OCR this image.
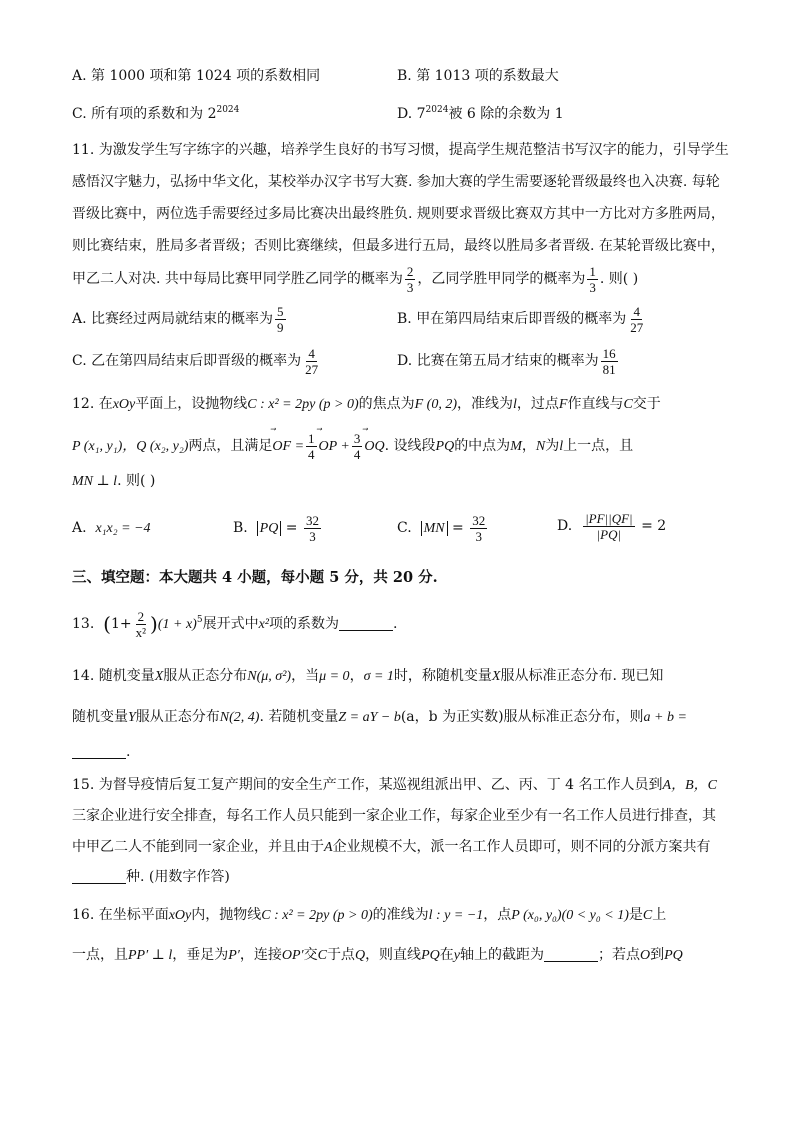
A. 第 1000 项和第 1024 项的系数相同	B. 第 1013 项的系数最大
C. 所有项的系数和为 $2^{2024}$	D. $7^{2024}$被 6 除的余数为 1
11. 为激发学生写字练字的兴趣，培养学生良好的书写习惯，提高学生规范整洁书写汉字的能力，引导学生
感悟汉字魅力，弘扬中华文化，某校举办汉字书写大赛. 参加大赛的学生需要逐轮晋级最终也入决赛. 每轮
晋级比赛中，两位选手需要经过多局比赛决出最终胜负. 规则要求晋级比赛双方其中一方比对方多胜两局，
则比赛结束，胜局多者晋级；否则比赛继续，但最多进行五局，最终以胜局多者晋级. 在某轮晋级比赛中，
甲乙二人对决. 共中每局比赛甲同学胜乙同学的概率为 $\frac{2}{3}$ ，乙同学胜甲同学的概率为 $\frac{1}{3}$ . 则( )
A. 比赛经过两局就结束的概率为 $\frac{5}{9}$	B. 甲在第四局结束后即晋级的概率为 $\frac{4}{27}$
C. 乙在第四局结束后即晋级的概率为 $\frac{4}{27}$	D. 比赛在第五局才结束的概率为 $\frac{16}{81}$
12. 在xOy平面上，设抛物线C : x² = 2py (p > 0)的焦点为F (0, 2)，准线为l，过点F作直线与C交于
P (x₁, y₁)，Q (x₂, y₂)两点，且满足⃗ OF = $\frac{1}{4}$ ⃗ OP + $\frac{3}{4}$ ⃗ OQ. 设线段PQ的中点为M，N为l上一点，且
MN ⊥ l. 则( )
A. x₁x₂ = −4	B. PQ = $\frac{32}{3}$	C. MN = $\frac{32}{3}$	D. $\frac{|PF||QF|}{|PQ|} = 2$
三、填空题：本大题共 4 小题，每小题 5 分，共 20 分.
13. $(1+ \frac{2}{\text{x²}} )(1 + x)^5$展开式中x²项的系数为	.
14. 随机变量X服从正态分布N(μ, σ²)，当μ = 0，σ = 1时，称随机变量X服从标准正态分布. 现已知
随机变量Y服从正态分布N(2, 4). 若随机变量Z = aY − b(a，b 为正实数)服从标准正态分布，则a + b =
.
15. 为督导疫情后复工复产期间的安全生产工作，某巡视组派出甲、乙、丙、丁 4 名工作人员到A，B，C
三家企业进行安全排查，每名工作人员只能到一家企业工作，每家企业至少有一名工作人员进行排查，其
中甲乙二人不能到同一家企业，并且由于A企业规模不大，派一名工作人员即可，则不同的分派方案共有
种. (用数字作答)
16. 在坐标平面xOy内，抛物线C : x² = 2py (p > 0)的准线为l : y = −1，点P (x₀, y₀)(0 < y₀ < 1)是C上
一点，且PP′ ⊥ l，垂足为P′，连接OP′交C于点Q，则直线PQ在y轴上的截距为	；若点O到PQ
